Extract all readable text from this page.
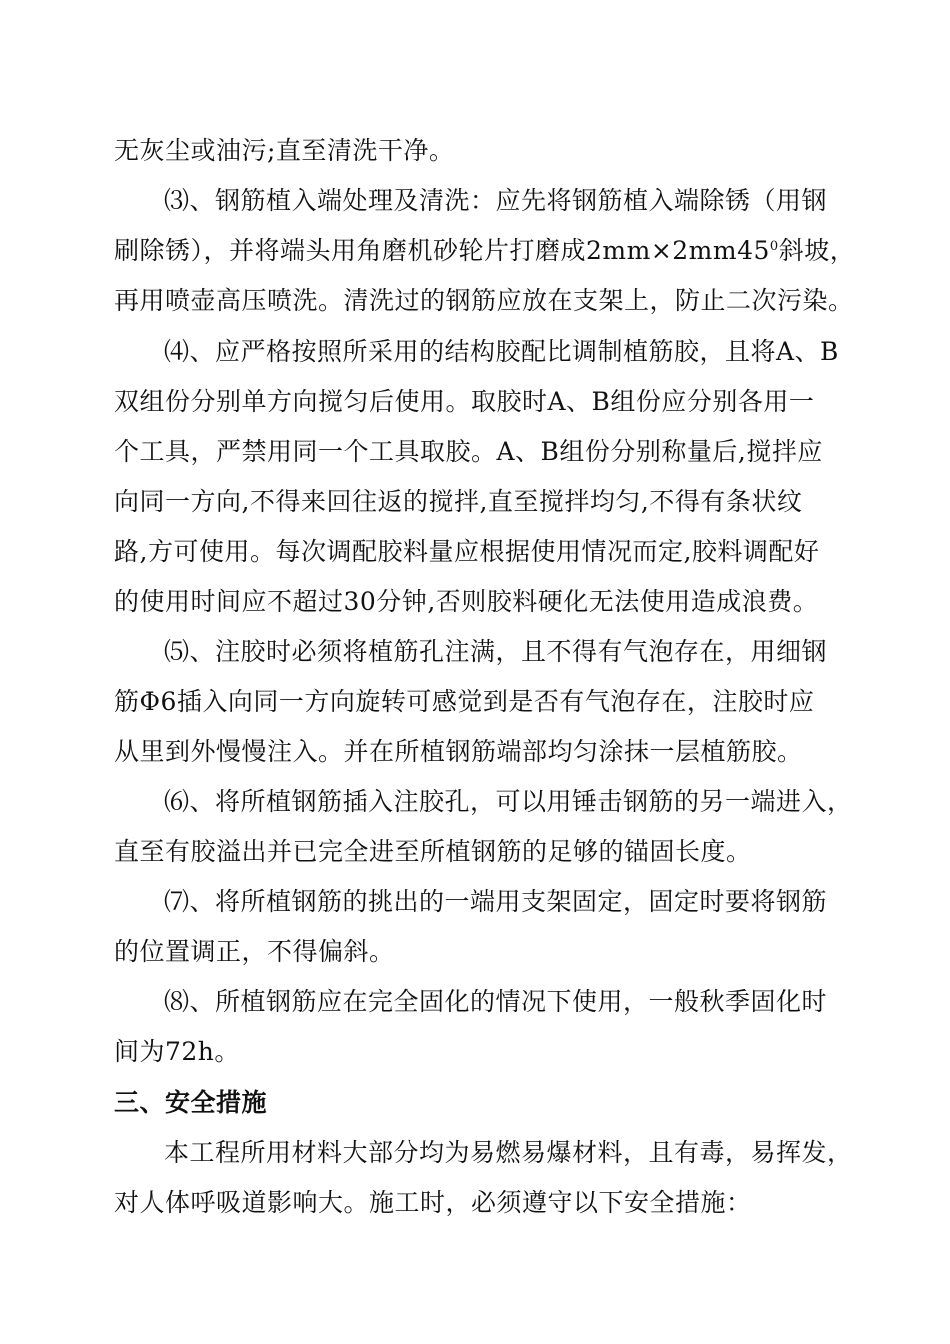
无灰尘或油污;直至清洗干净。
⑶、钢筋植入端处理及清洗：应先将钢筋植入端除锈（用钢
刷除锈），并将端头用角磨机砂轮片打磨成$2mm\times 2mm45^0$斜坡，
再用喷壶高压喷洗。清洗过的钢筋应放在支架上，防止二次污染。
⑷、应严格按照所采用的结构胶配比调制植筋胶，且将A、B
双组份分别单方向搅匀后使用。取胶时A、B组份应分别各用一
个工具，严禁用同一个工具取胶。A、B组份分别称量后,搅拌应
向同一方向,不得来回往返的搅拌,直至搅拌均匀,不得有条状纹
路,方可使用。每次调配胶料量应根据使用情况而定,胶料调配好
的使用时间应不超过30分钟,否则胶料硬化无法使用造成浪费。
⑸、注胶时必须将植筋孔注满，且不得有气泡存在，用细钢
筋Φ6插入向同一方向旋转可感觉到是否有气泡存在，注胶时应
从里到外慢慢注入。并在所植钢筋端部均匀涂抹一层植筋胶。
⑹、将所植钢筋插入注胶孔，可以用锤击钢筋的另一端进入，
直至有胶溢出并已完全进至所植钢筋的足够的锚固长度。
⑺、将所植钢筋的挑出的一端用支架固定，固定时要将钢筋
的位置调正，不得偏斜。
⑻、所植钢筋应在完全固化的情况下使用，一般秋季固化时
间为72h。
三、安全措施
本工程所用材料大部分均为易燃易爆材料，且有毒，易挥发，
对人体呼吸道影响大。施工时，必须遵守以下安全措施：
